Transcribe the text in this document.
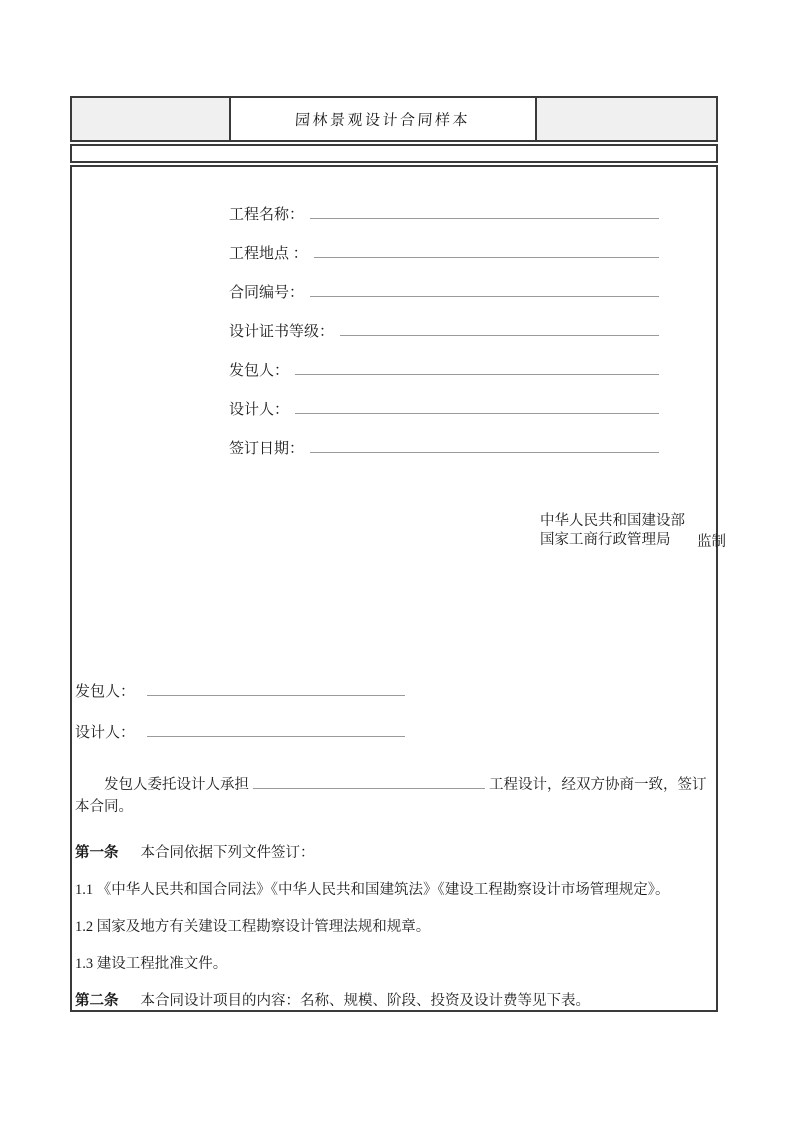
园林景观设计合同样本
工程名称：
工程地点 ：
合同编号：
设计证书等级：
发包人：
设计人：
签订日期：
中华人民共和国建设部
国家工商行政管理局	监制
发包人：
设计人：

发包人委托设计人承担	工程设计，经双方协商一致，签订本合同。

第一条 本合同依据下列文件签订：

1.1 《中华人民共和国合同法》《中华人民共和国建筑法》《建设工程勘察设计市场管理规定》。

1.2 国家及地方有关建设工程勘察设计管理法规和规章。

1.3 建设工程批准文件。

第二条 本合同设计项目的内容：名称、规模、阶段、投资及设计费等见下表。
